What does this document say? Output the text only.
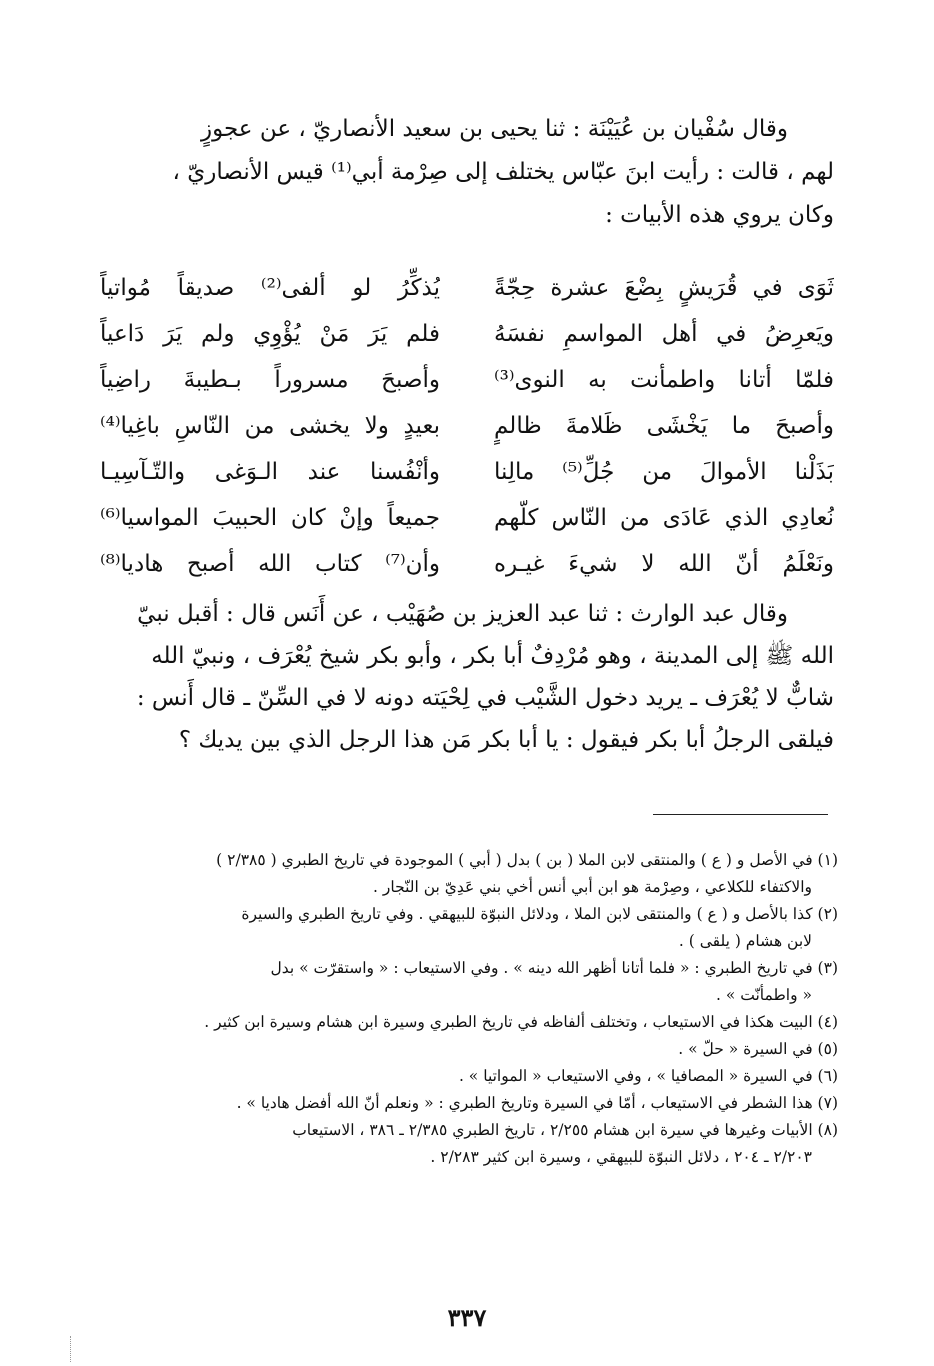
وقال سُفْيان بن عُيَيْنَة : ثنا يحيى بن سعيد الأنصاريّ ، عن عجوزٍ

لهم ، قالت : رأيت ابنَ عبّاس يختلف إلى صِرْمة أبي⁽¹⁾ قيس الأنصاريّ ،

وكان يروي هذه الأبيات :

ثَوَى في قُرَيشٍ بِضْعَ عشرة حِجّةً
يُذكِّرُ لو ألفى⁽²⁾ صديقاً مُواتياً
ويَعرِضُ في أهل المواسمِ نفسَهُ
فلم يَرَ مَنْ يُؤْوِي ولم يَرَ دَاعياً
فلمّا أتانا واطمأنت به النوى⁽³⁾
وأصبحَ مسروراً بـطيبةَ راضِياً
وأصبحَ ما يَخْشَى ظَلامةَ ظالمٍ
بعيدٍ ولا يخشى من النّاسِ باغِيا⁽⁴⁾
بَذَلْنا الأموالَ من جُلِّ⁽⁵⁾ مالِنا
وأنْفُسنا عند الـوَغى والتّـآسِيـا
نُعادِي الذي عَادَى من النّاس كلّهم
جميعاً وإنْ كان الحبيبَ المواسيا⁽⁶⁾
ونَعْلَمُ أنّ الله لا شيءَ غيـره
وأن⁽⁷⁾ كتاب الله أصبح هاديا⁽⁸⁾

وقال عبد الوارث : ثنا عبد العزيز بن صُهَيْب ، عن أَنَس قال : أقبل نبيّ

الله ﷺ إلى المدينة ، وهو مُرْدِفٌ أبا بكر ، وأبو بكر شيخ يُعْرَف ، ونبيّ الله

شابٌّ لا يُعْرَف ـ يريد دخول الشَّيْب في لِحْيَته دونه لا في السِّنّ ـ قال أَنس :

فيلقى الرجلُ أبا بكر فيقول : يا أبا بكر مَن هذا الرجل الذي بين يديك ؟

(١) في الأصل و ( ع ) والمنتقى لابن الملا ( بن ) بدل ( أبي ) الموجودة في تاريخ الطبري ( ٢/٣٨٥ )
والاكتفاء للكلاعي ، وصِرْمة هو ابن أبي أنس أخي بني عَدِيّ بن النّجار .

(٢) كذا بالأصل و ( ع ) والمنتقى لابن الملا ، ودلائل النبوّة للبيهقي . وفي تاريخ الطبري والسيرة
لابن هشام ( يلقى ) .

(٣) في تاريخ الطبري : « فلما أتانا أظهر الله دينه » . وفي الاستيعاب : « واستقرّت » بدل
« واطمأنّت » .

(٤) البيت هكذا في الاستيعاب ، وتختلف ألفاظه في تاريخ الطبري وسيرة ابن هشام وسيرة ابن كثير .

(٥) في السيرة « حلّ » .

(٦) في السيرة « المصافيا » ، وفي الاستيعاب « المواتيا » .

(٧) هذا الشطر في الاستيعاب ، أمّا في السيرة وتاريخ الطبري : « ونعلم أنّ الله أفضل هاديا » .

(٨) الأبيات وغيرها في سيرة ابن هشام ٢/٢٥٥ ، تاريخ الطبري ٢/٣٨٥ ـ ٣٨٦ ، الاستيعاب
٢/٢٠٣ ـ ٢٠٤ ، دلائل النبوّة للبيهقي ، وسيرة ابن كثير ٢/٢٨٣ .

٣٣٧
